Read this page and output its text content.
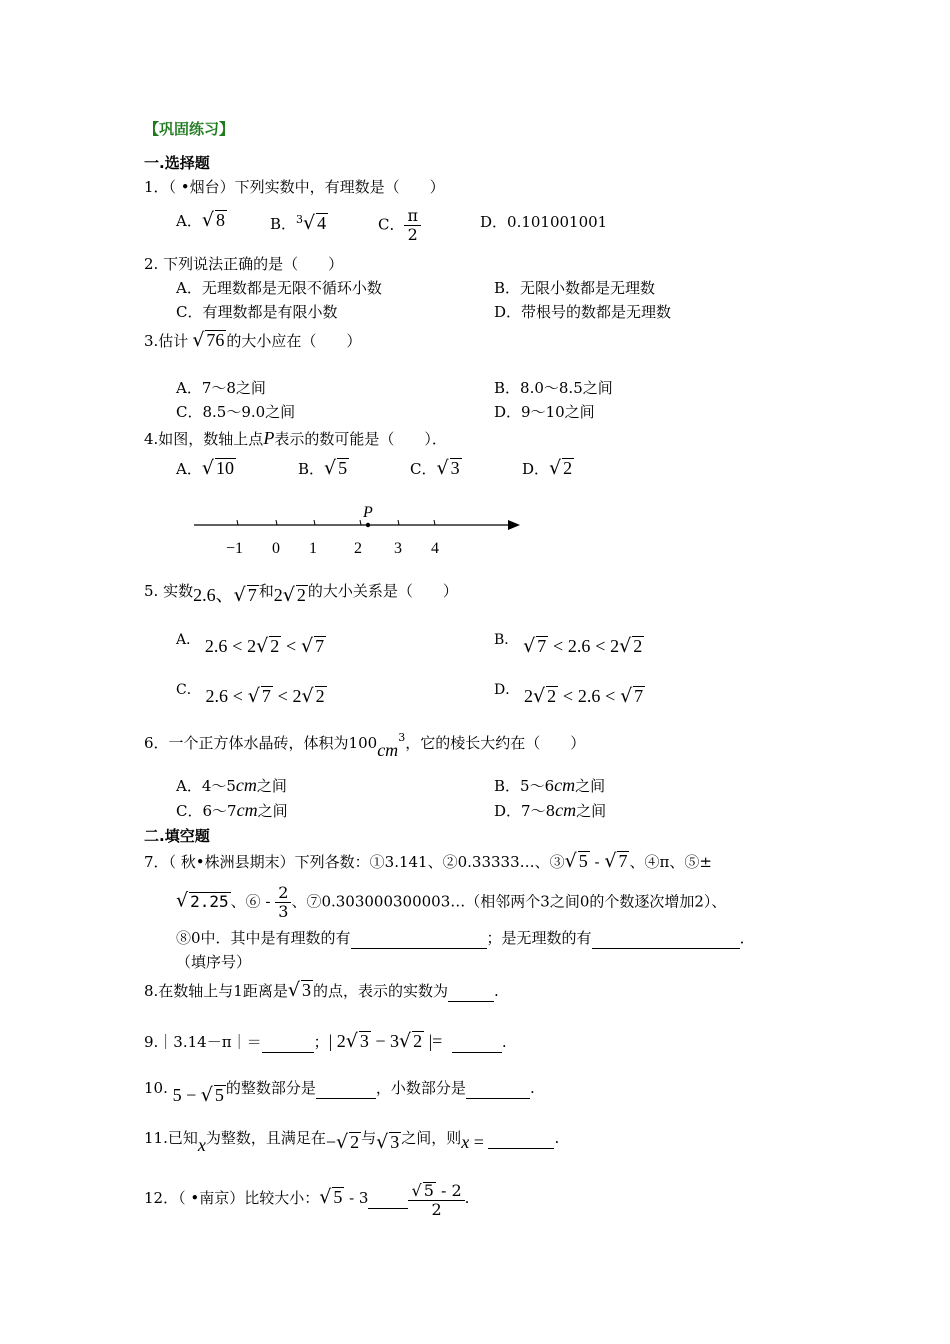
【巩固练习】
一.选择题
1．（ •烟台）下列实数中，有理数是（　　）
A．√ 8	B．$^3$√ 4	C． $\frac{\pi}{2}$	D．0.101001001
2. 下列说法正确的是（　　）
A．无理数都是无限不循环小数	B．无限小数都是无理数
C．有理数都是有限小数	D．带根号的数都是无理数
3.估计 √ 76 的大小应在（　　）
A．7～8之间	B．8.0～8.5之间
C．8.5～9.0之间	D．9～10之间
4.如图，数轴上点P表示的数可能是（　　）．
A．√ 10	B．√ 5	C．√ 3	D．√ 2
P
−1 0 1 2 3 4
5. 实数2.6、√ 7 和2√ 2 的大小关系是（　　）
A． 2.6 < 2√ 2 < √ 7	B． √ 7 < 2.6 < 2√ 2
C． 2.6 < √ 7 < 2√ 2	D． 2√ 2 < 2.6 < √ 7
6．一个正方体水晶砖，体积为$100cm^3$，它的棱长大约在（　　）
A．4～5cm之间	B．5～6cm之间
C．6～7cm之间	D．7～8cm之间
二.填空题
7．（ 秋•株洲县期末）下列各数：①3.141、②0.33333…、③√ 5 - √ 7 、④π、⑤±
√ 2.25 、⑥ - $\frac{2}{3}$ 、⑦0.303000300003…（相邻两个3之间0的个数逐次增加2）、
⑧0中．其中是有理数的有	；是无理数的有	．
（填序号）
8.在数轴上与1距离是√ 3 的点，表示的实数为	.
9.｜3.14－π｜＝	；| 2√ 3 − 3√ 2 |=	.
10. 5 − √ 5 的整数部分是	，小数部分是	.
11.已知x为整数，且满足在−√ 2 与√ 3 之间，则x =	.
12．（ •南京）比较大小：√ 5 - 3	$\frac{√ 5 - 2}{2}$ .
